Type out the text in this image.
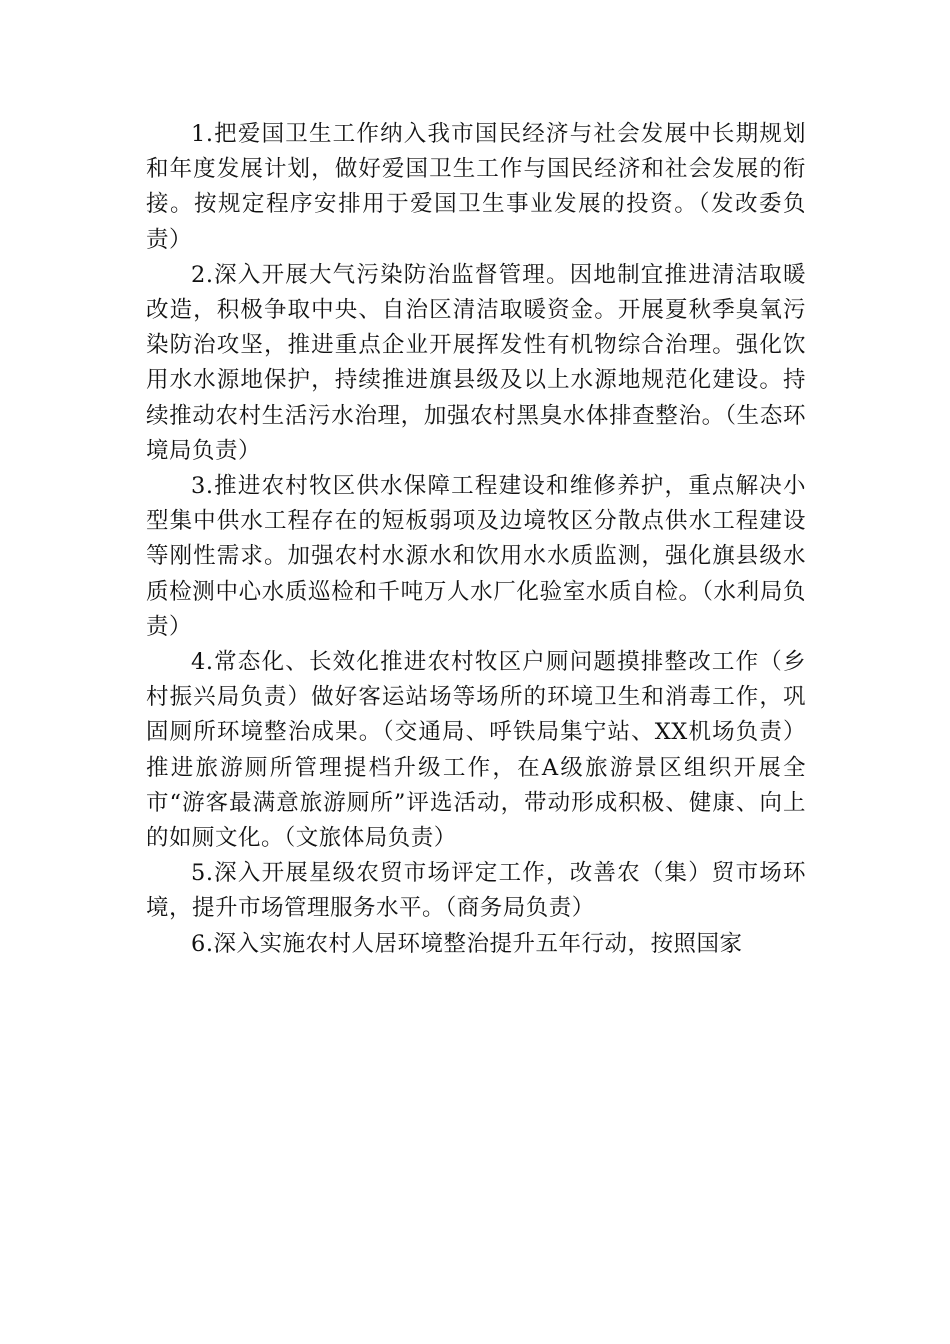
1.把爱国卫生工作纳入我市国民经济与社会发展中长期规划和年度发展计划，做好爱国卫生工作与国民经济和社会发展的衔接。按规定程序安排用于爱国卫生事业发展的投资。（发改委负责）

2.深入开展大气污染防治监督管理。因地制宜推进清洁取暖改造，积极争取中央、自治区清洁取暖资金。开展夏秋季臭氧污染防治攻坚，推进重点企业开展挥发性有机物综合治理。强化饮用水水源地保护，持续推进旗县级及以上水源地规范化建设。持续推动农村生活污水治理，加强农村黑臭水体排查整治。（生态环境局负责）

3.推进农村牧区供水保障工程建设和维修养护，重点解决小型集中供水工程存在的短板弱项及边境牧区分散点供水工程建设等刚性需求。加强农村水源水和饮用水水质监测，强化旗县级水质检测中心水质巡检和千吨万人水厂化验室水质自检。（水利局负责）

4.常态化、长效化推进农村牧区户厕问题摸排整改工作（乡村振兴局负责）做好客运站场等场所的环境卫生和消毒工作，巩固厕所环境整治成果。（交通局、呼铁局集宁站、XX机场负责）推进旅游厕所管理提档升级工作，在A级旅游景区组织开展全市“游客最满意旅游厕所”评选活动，带动形成积极、健康、向上的如厕文化。（文旅体局负责）

5.深入开展星级农贸市场评定工作，改善农（集）贸市场环境，提升市场管理服务水平。（商务局负责）

6.深入实施农村人居环境整治提升五年行动，按照国家
